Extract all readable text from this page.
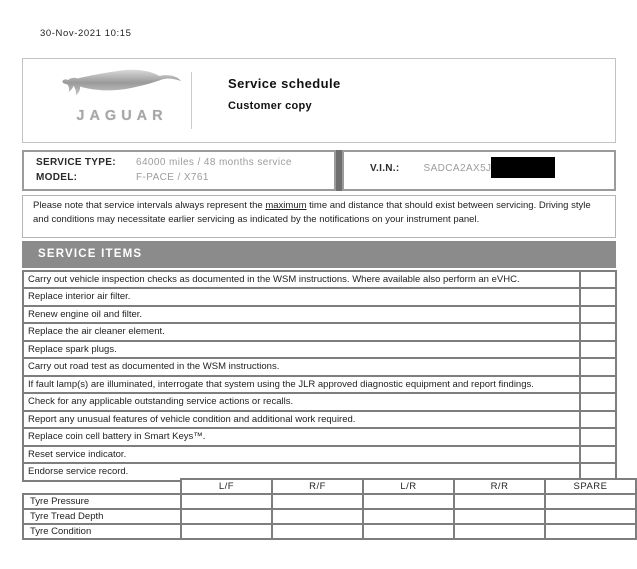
30-Nov-2021 10:15
JAGUAR
Service schedule
Customer copy
SERVICE TYPE:	64000 miles / 48 months service
MODEL:	F-PACE / X761
V.I.N.: SADCA2AX5J
Please note that service intervals always represent the maximum time and distance that should exist between servicing. Driving style and conditions may necessitate earlier servicing as indicated by the notifications on your instrument panel.
SERVICE ITEMS
Carry out vehicle inspection checks as documented in the WSM instructions. Where available also perform an eVHC.	
Replace interior air filter.	
Renew engine oil and filter.	
Replace the air cleaner element.	
Replace spark plugs.	
Carry out road test as documented in the WSM instructions.	
If fault lamp(s) are illuminated, interrogate that system using the JLR approved diagnostic equipment and report findings.	
Check for any applicable outstanding service actions or recalls.	
Report any unusual features of vehicle condition and additional work required.	
Replace coin cell battery in Smart Keys™.	
Reset service indicator.	
Endorse service record.	
	L/F	R/F	L/R	R/R	SPARE
Tyre Pressure					
Tyre Tread Depth					
Tyre Condition					
